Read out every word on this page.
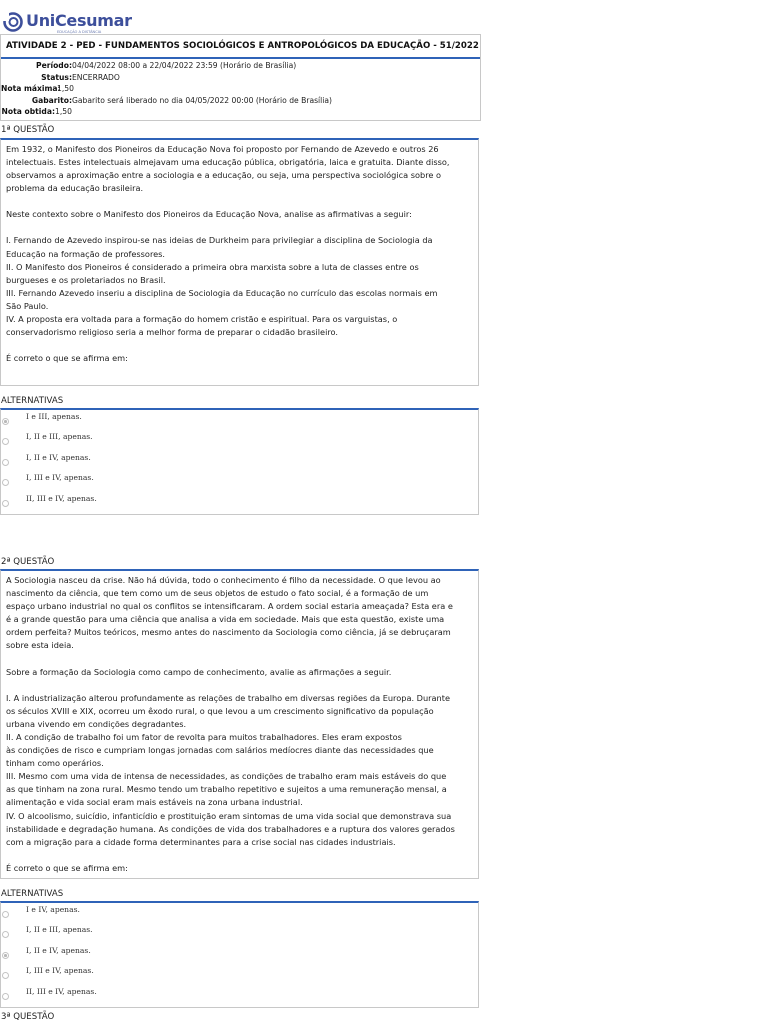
UniCesumar
EDUCAÇÃO A DISTÂNCIA
ATIVIDADE 2 - PED - FUNDAMENTOS SOCIOLÓGICOS E ANTROPOLÓGICOS DA EDUCAÇÃO - 51/2022
Período:04/04/2022 08:00 a 22/04/2022 23:59 (Horário de Brasília)
Status:ENCERRADO
Nota máxima:1,50
Gabarito:Gabarito será liberado no dia 04/05/2022 00:00 (Horário de Brasília)
Nota obtida:1,50
1ª QUESTÃO

Em 1932, o Manifesto dos Pioneiros da Educação Nova foi proposto por Fernando de Azevedo e outros 26

intelectuais. Estes intelectuais almejavam uma educação pública, obrigatória, laica e gratuita. Diante disso,

observamos a aproximação entre a sociologia e a educação, ou seja, uma perspectiva sociológica sobre o

problema da educação brasileira.

Neste contexto sobre o Manifesto dos Pioneiros da Educação Nova, analise as afirmativas a seguir:

I. Fernando de Azevedo inspirou-se nas ideias de Durkheim para privilegiar a disciplina de Sociologia da

Educação na formação de professores.

II. O Manifesto dos Pioneiros é considerado a primeira obra marxista sobre a luta de classes entre os

burgueses e os proletariados no Brasil.

III. Fernando Azevedo inseriu a disciplina de Sociologia da Educação no currículo das escolas normais em

São Paulo.

IV. A proposta era voltada para a formação do homem cristão e espiritual. Para os varguistas, o

conservadorismo religioso seria a melhor forma de preparar o cidadão brasileiro.

É correto o que se afirma em:

ALTERNATIVAS
I e III, apenas.
I, II e III, apenas.
I, II e IV, apenas.
I, III e IV, apenas.
II, III e IV, apenas.
2ª QUESTÃO

A Sociologia nasceu da crise. Não há dúvida, todo o conhecimento é filho da necessidade. O que levou ao

nascimento da ciência, que tem como um de seus objetos de estudo o fato social, é a formação de um

espaço urbano industrial no qual os conflitos se intensificaram. A ordem social estaria ameaçada? Esta era e

é a grande questão para uma ciência que analisa a vida em sociedade. Mais que esta questão, existe uma

ordem perfeita? Muitos teóricos, mesmo antes do nascimento da Sociologia como ciência, já se debruçaram

sobre esta ideia.

Sobre a formação da Sociologia como campo de conhecimento, avalie as afirmações a seguir.

I. A industrialização alterou profundamente as relações de trabalho em diversas regiões da Europa. Durante

os séculos XVIII e XIX, ocorreu um êxodo rural, o que levou a um crescimento significativo da população

urbana vivendo em condições degradantes.

II. A condição de trabalho foi um fator de revolta para muitos trabalhadores. Eles eram expostos

às condições de risco e cumpriam longas jornadas com salários medíocres diante das necessidades que

tinham como operários.

III. Mesmo com uma vida de intensa de necessidades, as condições de trabalho eram mais estáveis do que

as que tinham na zona rural. Mesmo tendo um trabalho repetitivo e sujeitos a uma remuneração mensal, a

alimentação e vida social eram mais estáveis na zona urbana industrial.

IV. O alcoolismo, suicídio, infanticídio e prostituição eram sintomas de uma vida social que demonstrava sua

instabilidade e degradação humana. As condições de vida dos trabalhadores e a ruptura dos valores gerados

com a migração para a cidade forma determinantes para a crise social nas cidades industriais.

É correto o que se afirma em:

ALTERNATIVAS
I e IV, apenas.
I, II e III, apenas.
I, II e IV, apenas.
I, III e IV, apenas.
II, III e IV, apenas.
3ª QUESTÃO
